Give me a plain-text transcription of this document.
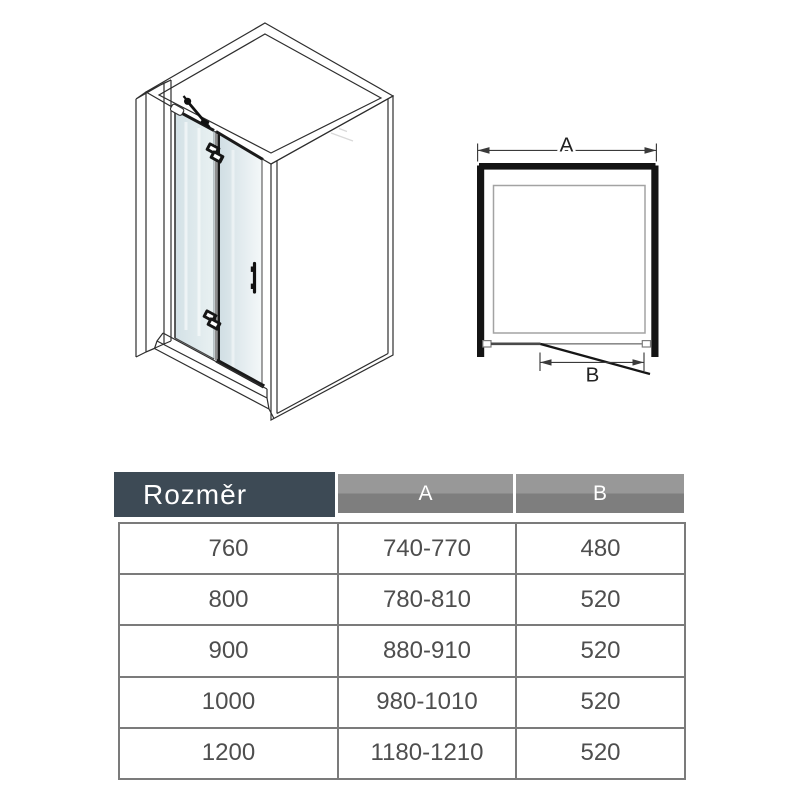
A
B
Rozměr	A	B
760	740-770	480
800	780-810	520
900	880-910	520
1000	980-1010	520
1200	1180-1210	520
